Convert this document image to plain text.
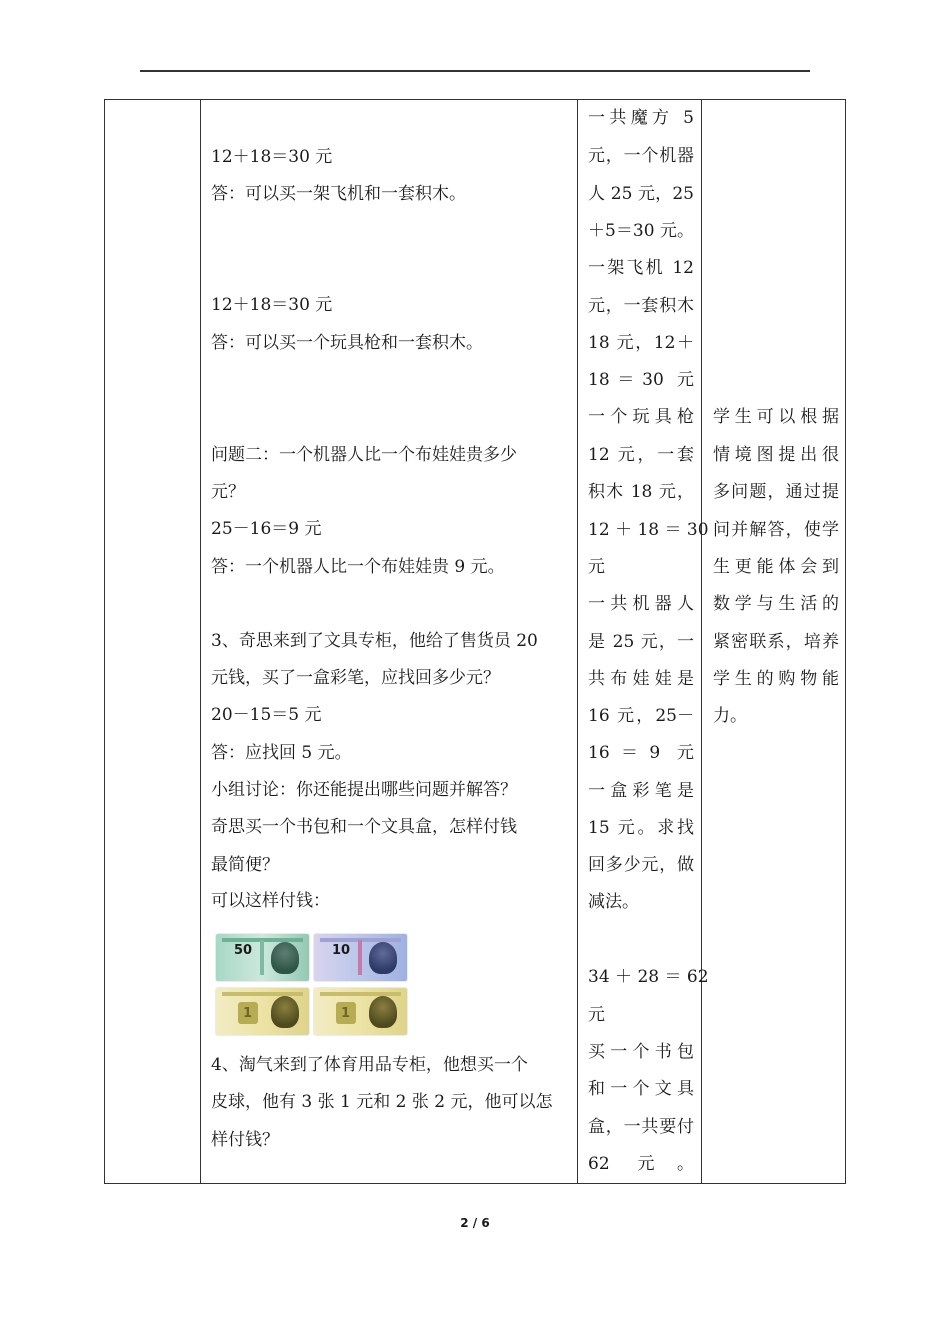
12＋18＝30 元
答：可以买一架飞机和一套积木。
12＋18＝30 元
答：可以买一个玩具枪和一套积木。
问题二：一个机器人比一个布娃娃贵多少
元？
25－16＝9 元
答：一个机器人比一个布娃娃贵 9 元。
3、奇思来到了文具专柜，他给了售货员 20
元钱，买了一盒彩笔，应找回多少元？
20－15＝5 元
答：应找回 5 元。
小组讨论：你还能提出哪些问题并解答？
奇思买一个书包和一个文具盒，怎样付钱
最简便？
可以这样付钱：
4、淘气来到了体育用品专柜，他想买一个
皮球，他有 3 张 1 元和 2 张 2 元，他可以怎
样付钱？
50	10
1	1
一共魔方 5
元，一个机器
人 25 元，25
＋5＝30 元。
一架飞机 12
元，一套积木
18 元，12＋
18＝30 元
一个玩具枪
12 元，一套
积木 18 元，
12 ＋ 18 ＝ 30
元
一共机器人
是 25 元，一
共布娃娃是
16 元，25－
16＝9 元
一盒彩笔是
15 元。求找
回多少元，做
减法。
34 ＋ 28 ＝ 62
元
买一个书包
和一个文具
盒，一共要付
62 元。
学生可以根据
情境图提出很
多问题，通过提
问并解答，使学
生更能体会到
数学与生活的
紧密联系，培养
学生的购物能
力。
2 / 6
